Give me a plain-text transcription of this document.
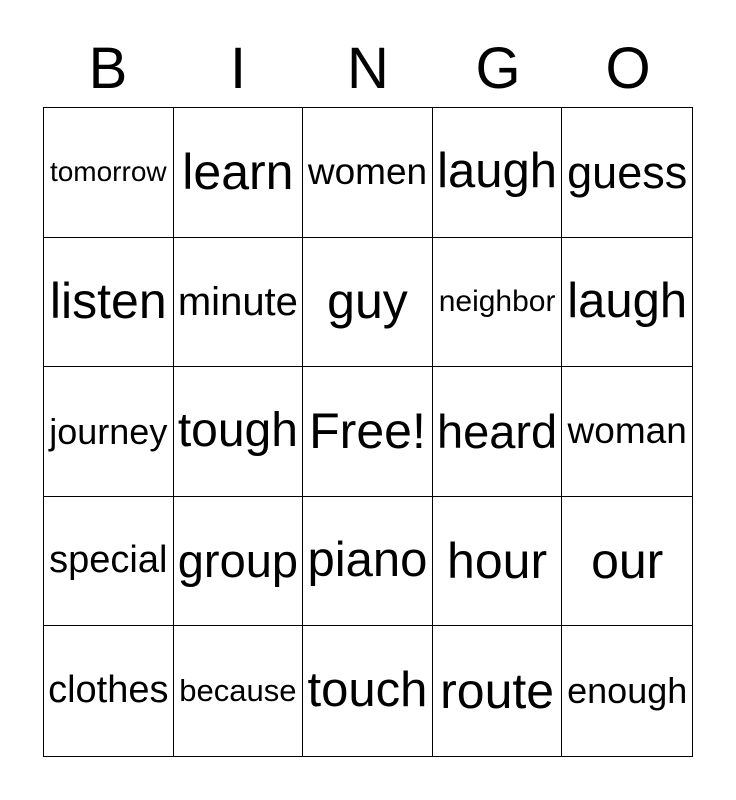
B	I	N	G	O
tomorrow learn women laugh guess
listen minute guy neighbor laugh
journey tough Free! heard woman
special group piano hour our
clothes because touch route enough
